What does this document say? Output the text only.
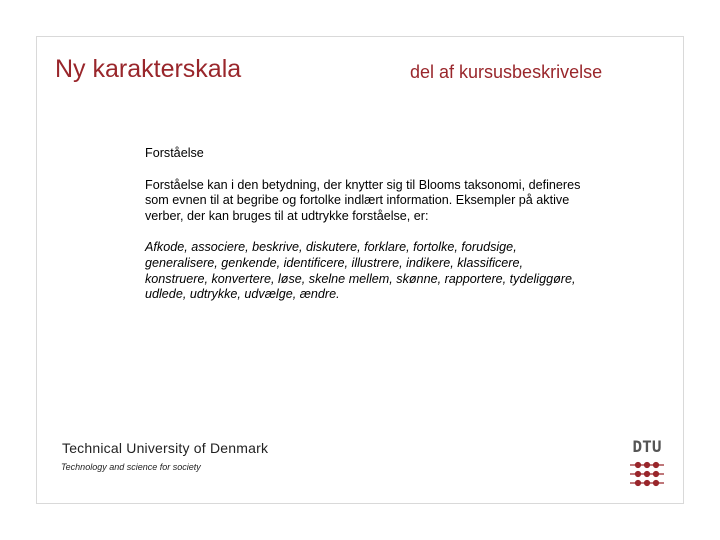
Ny karakterskala	del af kursusbeskrivelse

Forståelse

Forståelse kan i den betydning, der knytter sig til Blooms taksonomi, defineres som evnen til at begribe og fortolke indlært information. Eksempler på aktive verber, der kan bruges til at udtrykke forståelse, er:

Afkode, associere, beskrive, diskutere, forklare, fortolke, forudsige, generalisere, genkende, identificere, illustrere, indikere, klassificere, konstruere, konvertere, løse, skelne mellem, skønne, rapportere, tydeliggøre, udlede, udtrykke, udvælge, ændre.

Technical University of Denmark
Technology and science for society
DTU
